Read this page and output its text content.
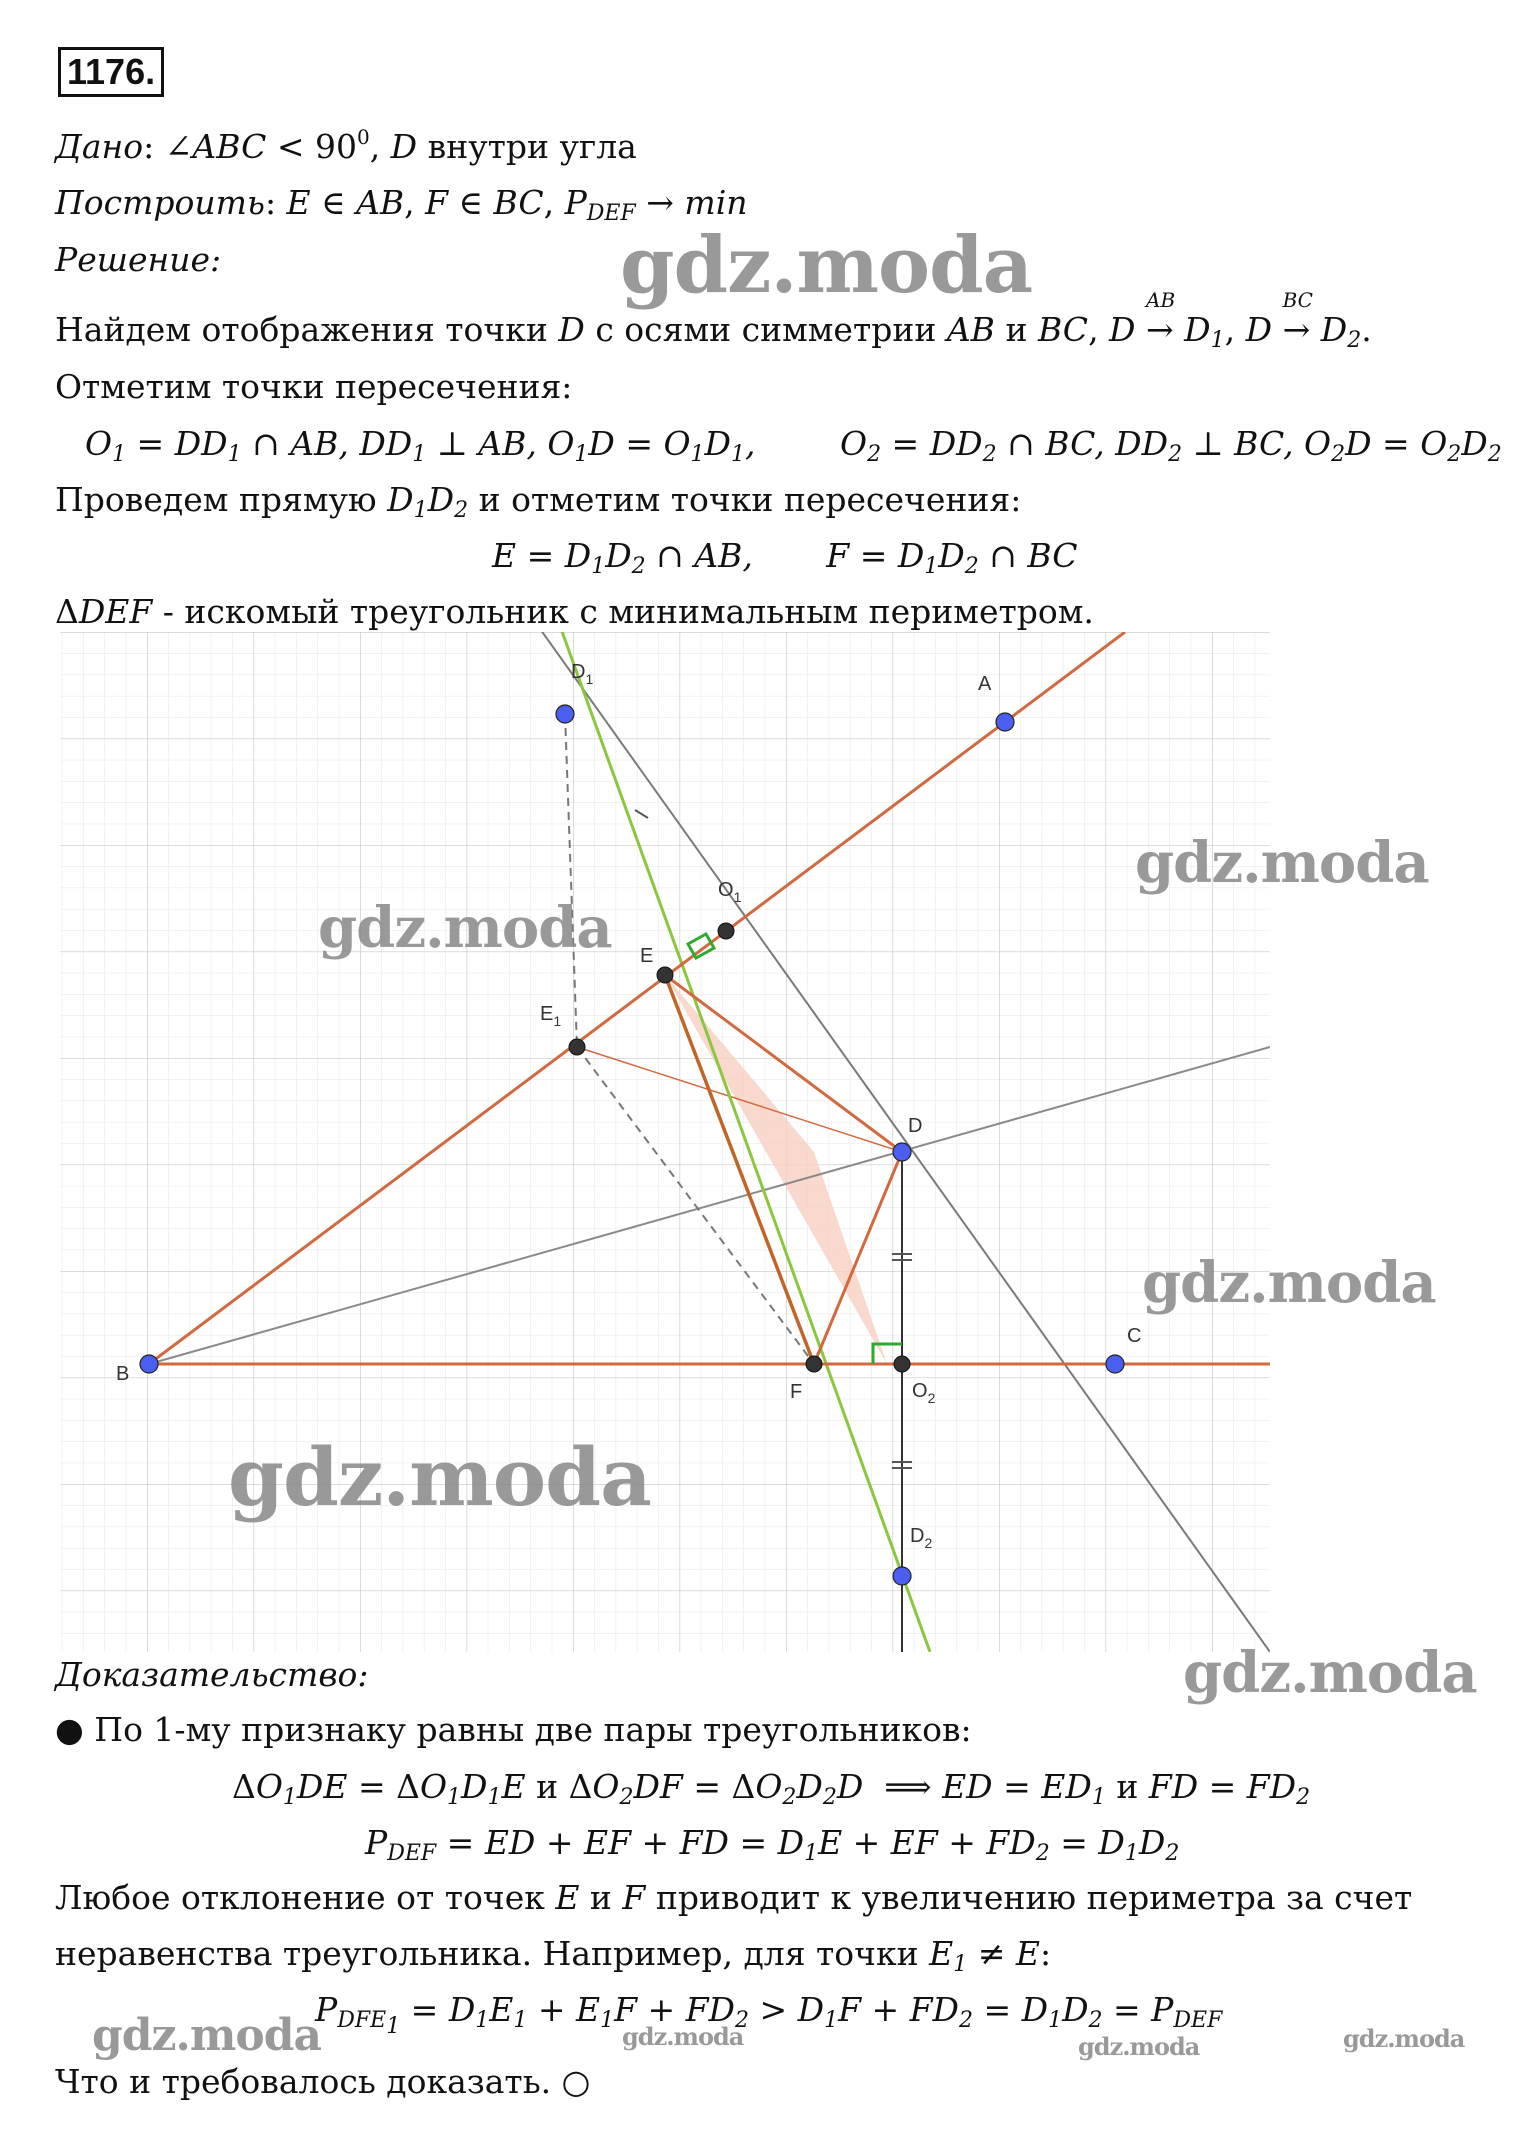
1176.
Дано: ∠ABC < $90^0$, D внутри угла
Построить: E ∈ AB, F ∈ BC, $P_{DEF} \to \min$
Решение:
Найдем отображения точки D с осями симметрии AB и BC, D
AB
→ $D_1$, D
BC
→ $D_2$.
Отметим точки пересечения:
$O_1 = DD_1$ ∩ AB, $DD_1$ ⊥ AB, $O_1D = O_1D_1$,	$O_2 = DD_2$ ∩ BC, $DD_2$ ⊥ BC, $O_2D = O_2D_2$
Проведем прямую $D_1D_2$ и отметим точки пересечения:
$E = D_1D_2$ ∩ AB,       $F = D_1D_2$ ∩ BC
ΔDEF - искомый треугольник с минимальным периметром.
$D_1$	A
$O_1$
E
$E_1$
D
B
C
F	$O_2$
$D_2$
gdz.moda
gdz.moda
gdz.moda
gdz.moda
gdz.moda
gdz.moda
Доказательство:
● По 1-му признаку равны две пары треугольников:
$\Delta O_1DE = \Delta O_1D_1E$ и $\Delta O_2DF = \Delta O_2D_2D$  ⟹ ED = $ED_1$ и FD = $FD_2$
$P_{DEF}$ = ED + EF + FD = $D_1E$ + EF + $FD_2 = D_1D_2$
Любое отклонение от точек E и F приводит к увеличению периметра за счет
неравенства треугольника. Например, для точки $E_1 \ne E$:
$P_{DFE_1} = D_1E_1 + E_1F + FD_2 > D_1F + FD_2 = D_1D_2 = P_{DEF}$
gdz.moda	gdz.moda	gdz.moda	gdz.moda
Что и требовалось доказать. ○
